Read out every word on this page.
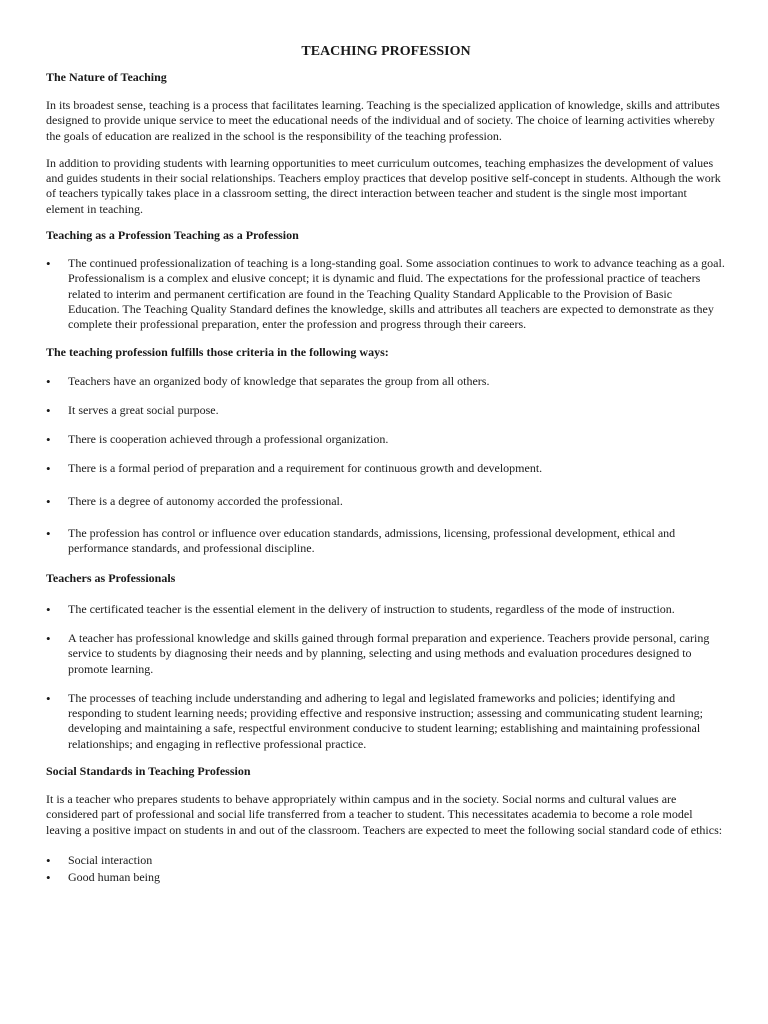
TEACHING PROFESSION
The Nature of Teaching

In its broadest sense, teaching is a process that facilitates learning. Teaching is the specialized application of knowledge, skills and attributes designed to provide unique service to meet the educational needs of the individual and of society. The choice of learning activities whereby the goals of education are realized in the school is the responsibility of the teaching profession.

In addition to providing students with learning opportunities to meet curriculum outcomes, teaching emphasizes the development of values and guides students in their social relationships. Teachers employ practices that develop positive self-concept in students. Although the work of teachers typically takes place in a classroom setting, the direct interaction between teacher and student is the single most important element in teaching.

Teaching as a Profession Teaching as a Profession
• The continued professionalization of teaching is a long-standing goal. Some association continues to work to advance teaching as a goal. Professionalism is a complex and elusive concept; it is dynamic and fluid. The expectations for the professional practice of teachers related to interim and permanent certification are found in the Teaching Quality Standard Applicable to the Provision of Basic Education. The Teaching Quality Standard defines the knowledge, skills and attributes all teachers are expected to demonstrate as they complete their professional preparation, enter the profession and progress through their careers.
The teaching profession fulfills those criteria in the following ways:
• Teachers have an organized body of knowledge that separates the group from all others.
• It serves a great social purpose.
• There is cooperation achieved through a professional organization.
• There is a formal period of preparation and a requirement for continuous growth and development.
• There is a degree of autonomy accorded the professional.
• The profession has control or influence over education standards, admissions, licensing, professional development, ethical and performance standards, and professional discipline.
Teachers as Professionals
• The certificated teacher is the essential element in the delivery of instruction to students, regardless of the mode of instruction.
• A teacher has professional knowledge and skills gained through formal preparation and experience. Teachers provide personal, caring service to students by diagnosing their needs and by planning, selecting and using methods and evaluation procedures designed to promote learning.
• The processes of teaching include understanding and adhering to legal and legislated frameworks and policies; identifying and responding to student learning needs; providing effective and responsive instruction; assessing and communicating student learning; developing and maintaining a safe, respectful environment conducive to student learning; establishing and maintaining professional relationships; and engaging in reflective professional practice.
Social Standards in Teaching Profession

It is a teacher who prepares students to behave appropriately within campus and in the society. Social norms and cultural values are considered part of professional and social life transferred from a teacher to student. This necessitates academia to become a role model leaving a positive impact on students in and out of the classroom. Teachers are expected to meet the following social standard code of ethics:

• Social interaction
• Good human being
